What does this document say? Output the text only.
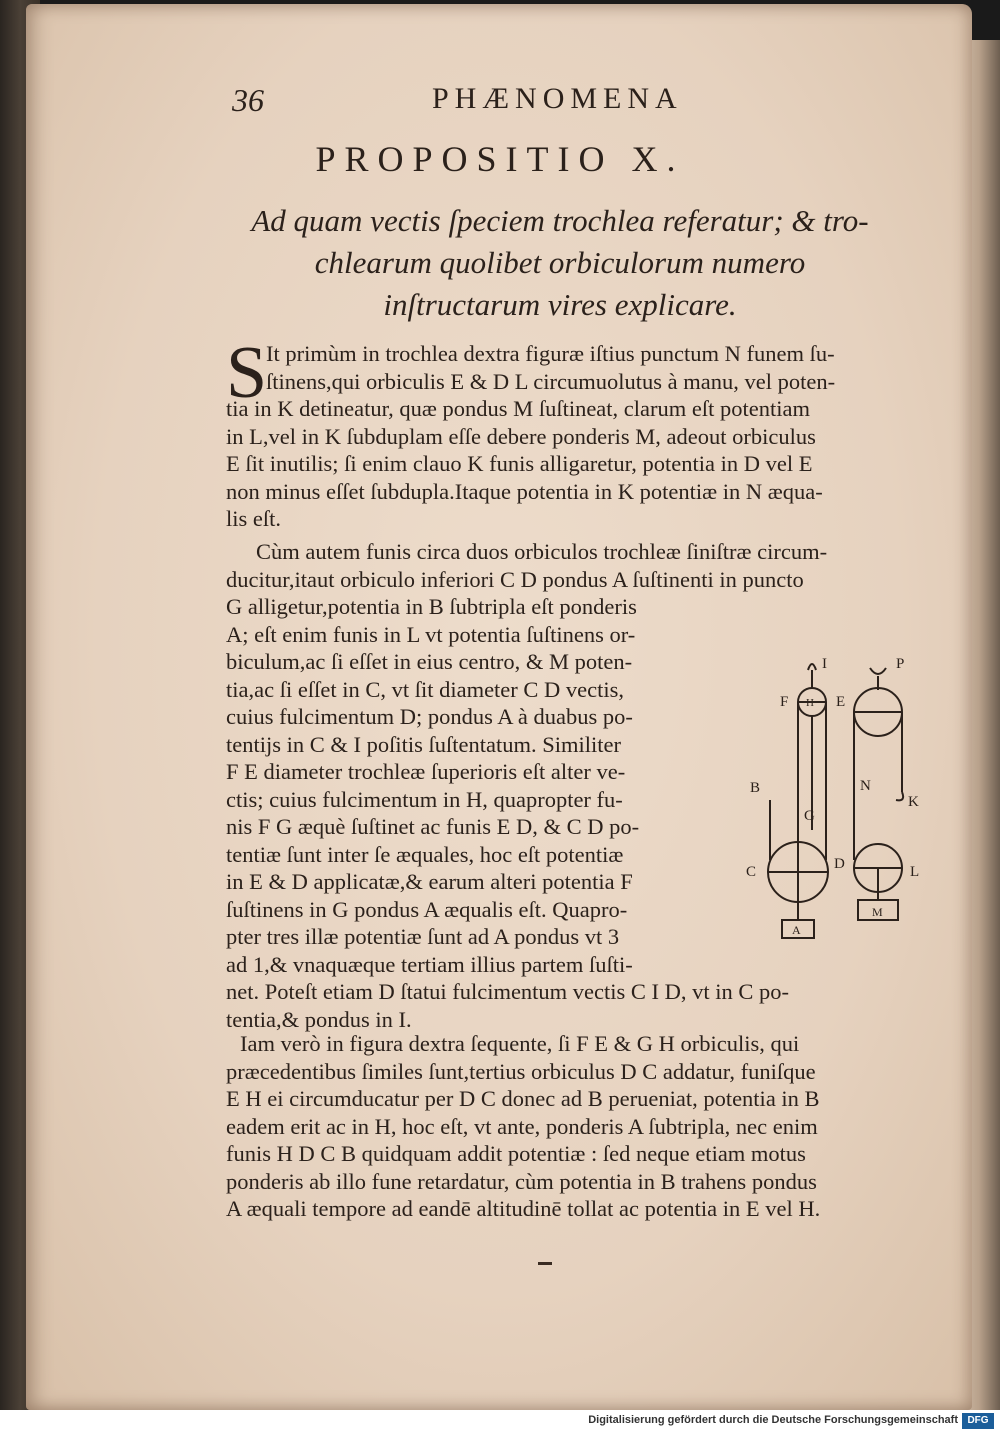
36	PHÆNOMENA
PROPOSITIO X.
Ad quam vectis ſpeciem trochlea referatur; & tro-
chlearum quolibet orbiculorum numero
inſtructarum vires explicare.
S
It primùm in trochlea dextra figuræ iſtius punctum N funem ſu-
ſtinens,qui orbiculis E & D L circumuolutus à manu, vel poten-
tia in K detineatur, quæ pondus M ſuſtineat, clarum eſt potentiam
in L,vel in K ſubduplam eſſe debere ponderis M, adeout orbiculus
E ſit inutilis; ſi enim clauo K funis alligaretur, potentia in D vel E
non minus eſſet ſubdupla.Itaque potentia in K potentiæ in N æqua-
lis eſt.
Cùm autem funis circa duos orbiculos trochleæ ſiniſtræ circum-
ducitur,itaut orbiculo inferiori C D pondus A ſuſtinenti in puncto
G alligetur,potentia in B ſubtripla eſt ponderis
A; eſt enim funis in L vt potentia ſuſtinens or-
biculum,ac ſi eſſet in eius centro, & M poten-
tia,ac ſi eſſet in C, vt ſit diameter C D vectis,
cuius fulcimentum D; pondus A à duabus po-
tentijs in C & I poſitis ſuſtentatum. Similiter
F E diameter trochleæ ſuperioris eſt alter ve-
ctis; cuius fulcimentum in H, quapropter fu-
nis F G æquè ſuſtinet ac funis E D, & C D po-
tentiæ ſunt inter ſe æquales, hoc eſt potentiæ
in E & D applicatæ,& earum alteri potentia F
ſuſtinens in G pondus A æqualis eſt. Quapro-
pter tres illæ potentiæ ſunt ad A pondus vt 3
ad 1,& vnaquæque tertiam illius partem ſuſti-
net. Poteſt etiam D ſtatui fulcimentum vectis C I D, vt in C po-
tentia,& pondus in I.
I	P
F H E
B	N
K
G
C	D	L
M
A
Iam verò in figura dextra ſequente, ſi F E & G H orbiculis, qui
præcedentibus ſimiles ſunt,tertius orbiculus D C addatur, funiſque
E H ei circumducatur per D C donec ad B perueniat, potentia in B
eadem erit ac in H, hoc eſt, vt ante, ponderis A ſubtripla, nec enim
funis H D C B quidquam addit potentiæ : ſed neque etiam motus
ponderis ab illo fune retardatur, cùm potentia in B trahens pondus
A æquali tempore ad eandē altitudinē tollat ac potentia in E vel H.
Digitalisierung gefördert durch die Deutsche Forschungsgemeinschaft DFG
